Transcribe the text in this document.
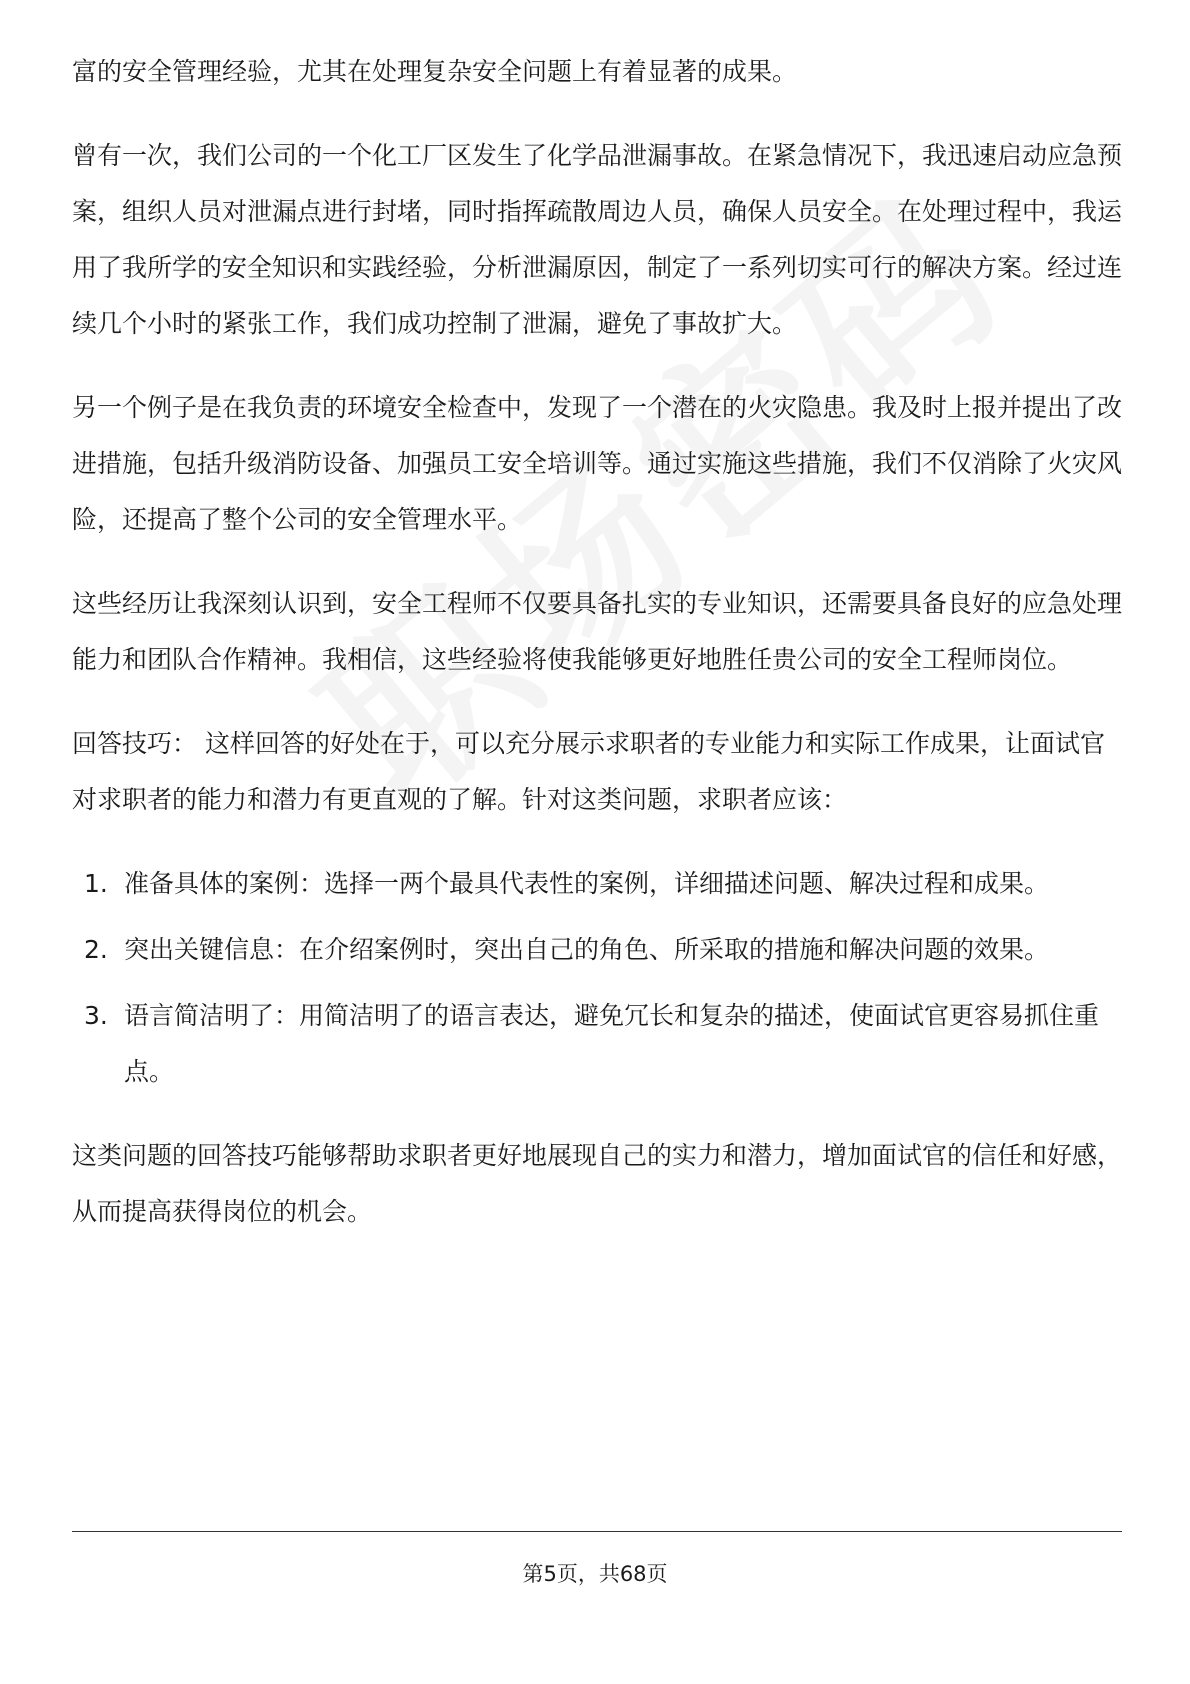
富的安全管理经验，尤其在处理复杂安全问题上有着显著的成果。

曾有一次，我们公司的一个化工厂区发生了化学品泄漏事故。在紧急情况下，我迅速启动应急预案，组织人员对泄漏点进行封堵，同时指挥疏散周边人员，确保人员安全。在处理过程中，我运用了我所学的安全知识和实践经验，分析泄漏原因，制定了一系列切实可行的解决方案。经过连续几个小时的紧张工作，我们成功控制了泄漏，避免了事故扩大。

另一个例子是在我负责的环境安全检查中，发现了一个潜在的火灾隐患。我及时上报并提出了改进措施，包括升级消防设备、加强员工安全培训等。通过实施这些措施，我们不仅消除了火灾风险，还提高了整个公司的安全管理水平。

这些经历让我深刻认识到，安全工程师不仅要具备扎实的专业知识，还需要具备良好的应急处理能力和团队合作精神。我相信，这些经验将使我能够更好地胜任贵公司的安全工程师岗位。

回答技巧： 这样回答的好处在于，可以充分展示求职者的专业能力和实际工作成果，让面试官对求职者的能力和潜力有更直观的了解。针对这类问题，求职者应该：

1. 准备具体的案例：选择一两个最具代表性的案例，详细描述问题、解决过程和成果。
2. 突出关键信息：在介绍案例时，突出自己的角色、所采取的措施和解决问题的效果。
3. 语言简洁明了：用简洁明了的语言表达，避免冗长和复杂的描述，使面试官更容易抓住重点。

这类问题的回答技巧能够帮助求职者更好地展现自己的实力和潜力，增加面试官的信任和好感，从而提高获得岗位的机会。

第5页，共68页
